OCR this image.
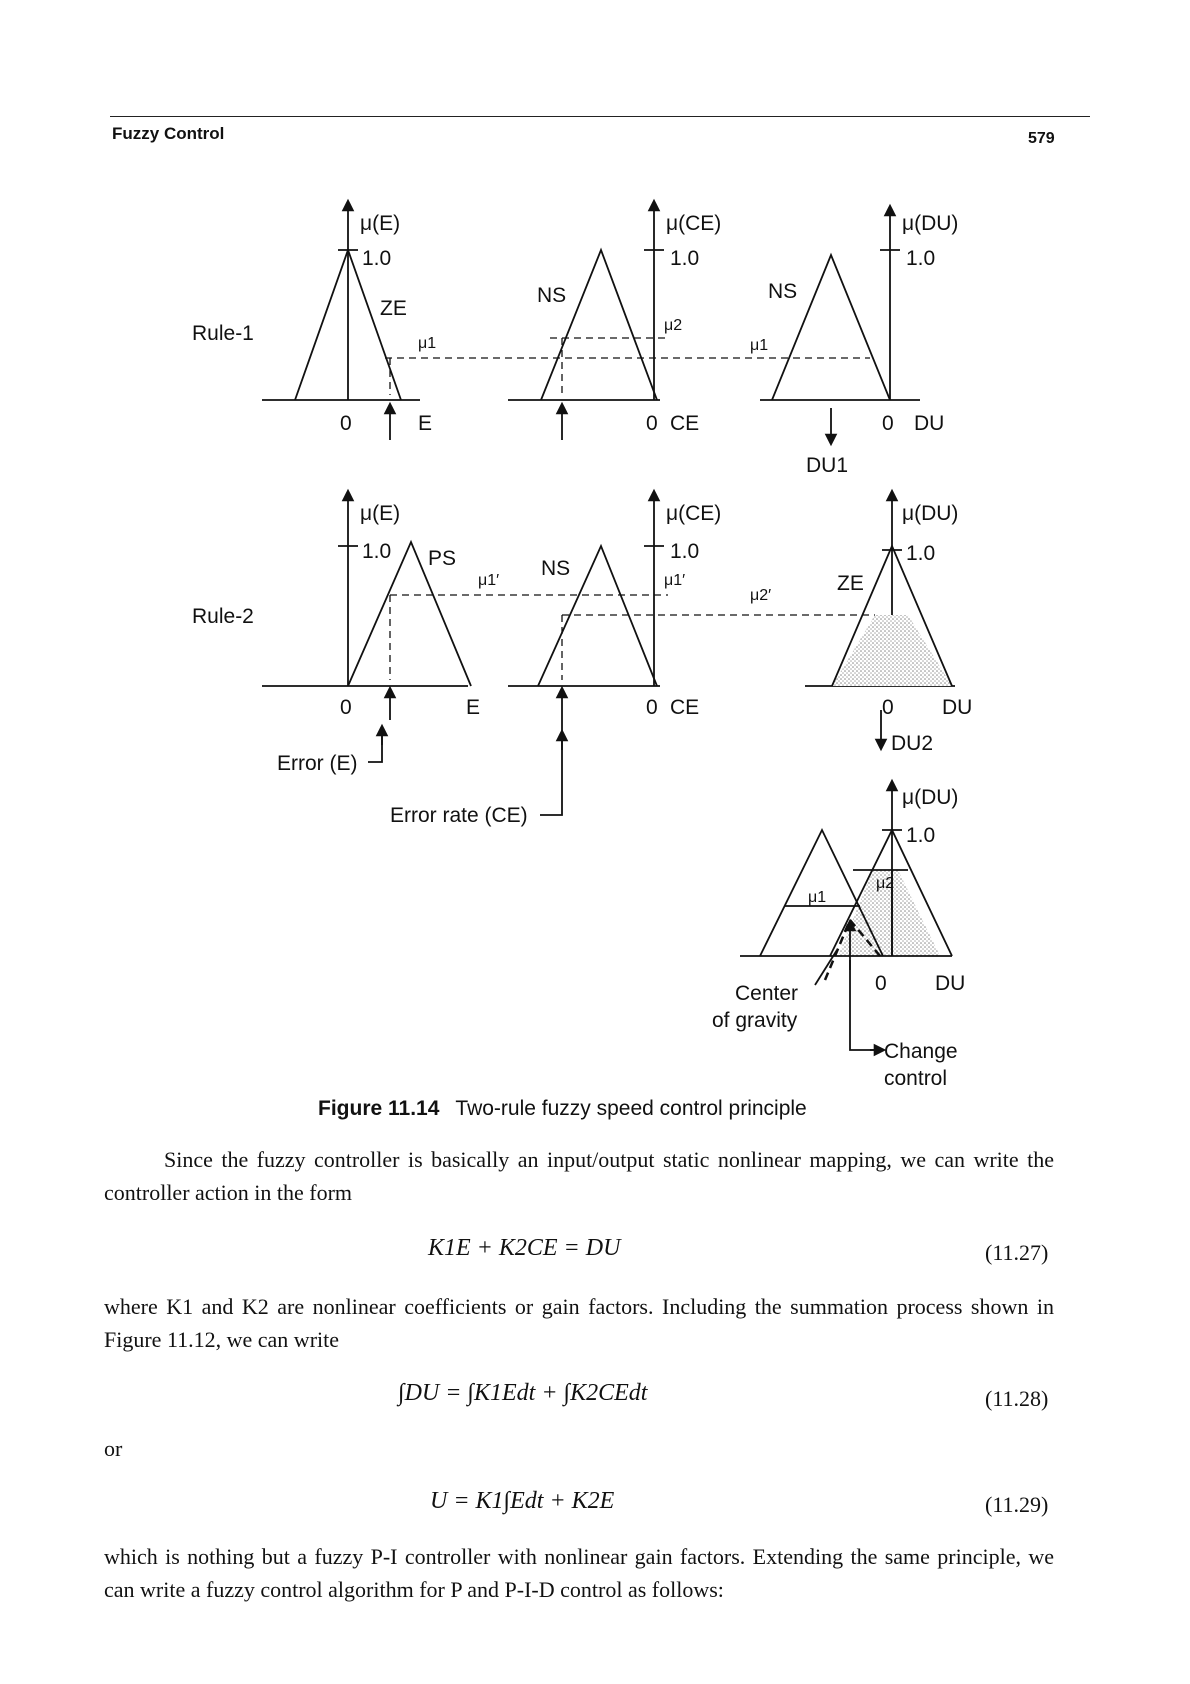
Fuzzy Control	579
Rule-1
μ(E)
1.0
ZE
μ1
0	E
μ(CE)
1.0
NS
μ2
0 CE
μ(DU)
1.0
NS
μ1
0 DU
DU1
Rule-2
μ(E)
1.0 PS
μ1′
0	E
μ(CE)
1.0
NS
μ1′
μ2′
0 CE
μ(DU)
1.0
ZE
0 DU
DU2
Error (E)
Error rate (CE)
μ(DU)
1.0
μ2
μ1
0 DU
Center
of gravity
Change
control
Figure 11.14 Two-rule fuzzy speed control principle
Since the fuzzy controller is basically an input/output static nonlinear mapping, we can write the controller action in the form
K1E + K2CE = DU	(11.27)
where K1 and K2 are nonlinear coefficients or gain factors. Including the summation process shown in Figure 11.12, we can write
∫DU = ∫K1Edt + ∫K2CEdt	(11.28)
or
U = K1∫Edt + K2E	(11.29)
which is nothing but a fuzzy P-I controller with nonlinear gain factors. Extending the same principle, we can write a fuzzy control algorithm for P and P-I-D control as follows:
